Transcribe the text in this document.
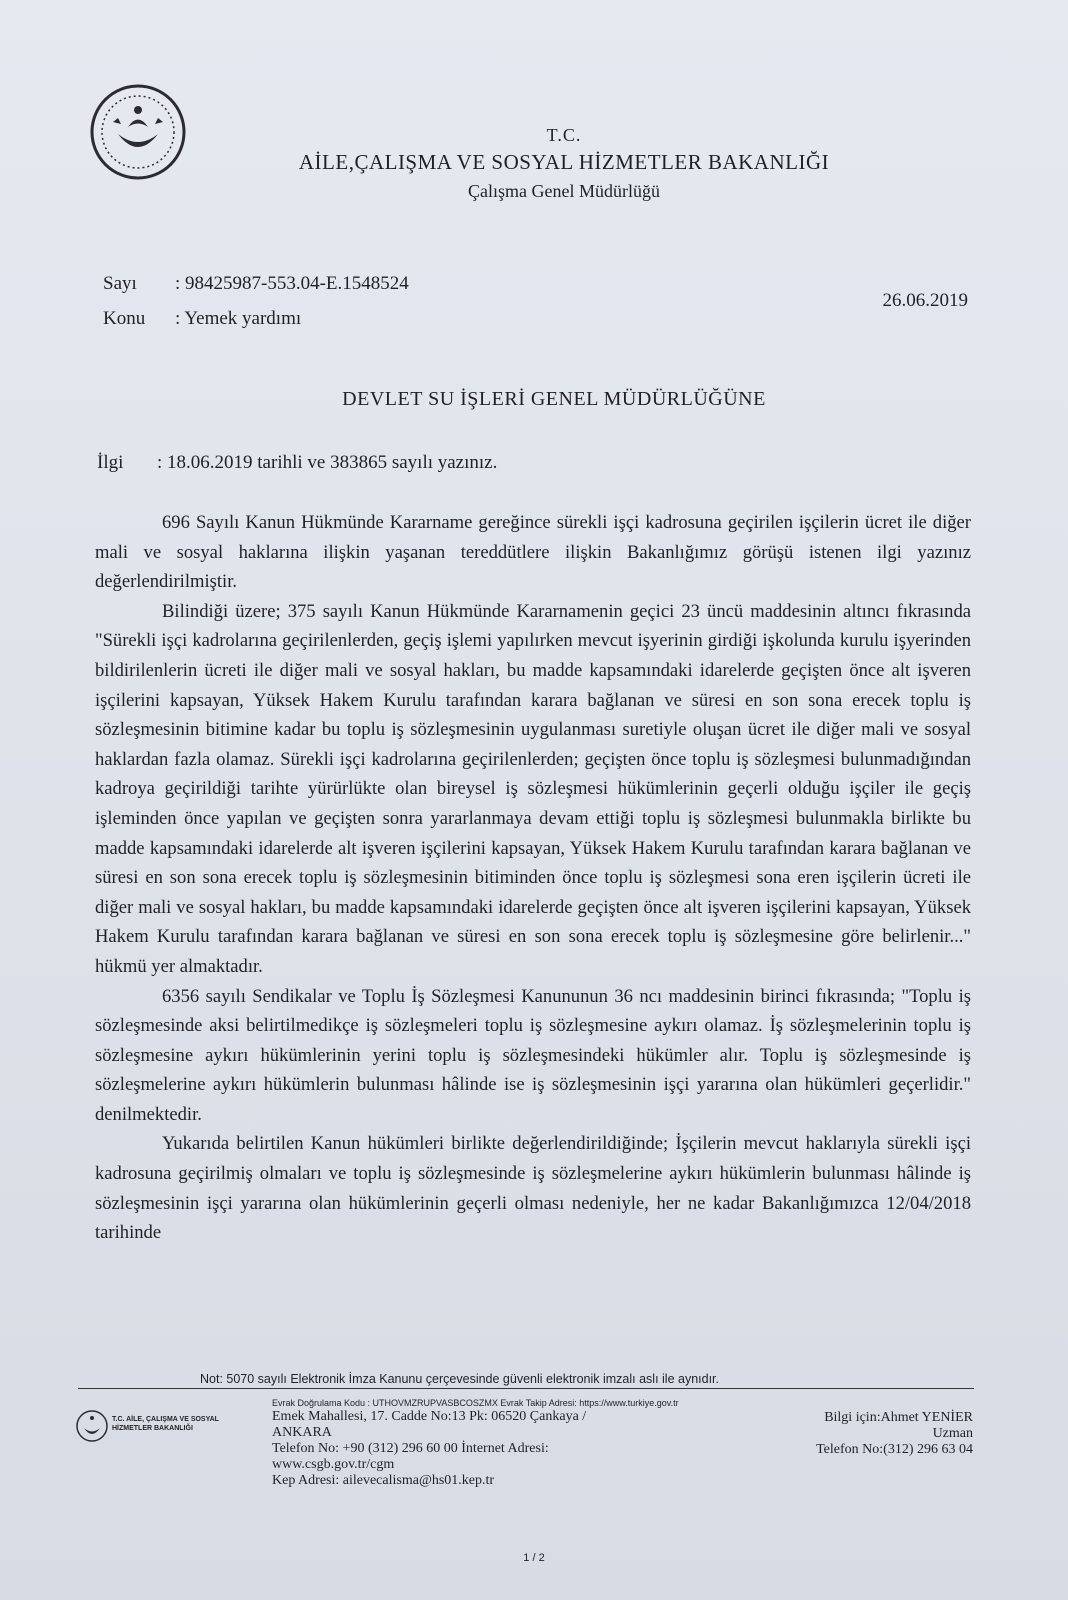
T.C.
AİLE,ÇALIŞMA VE SOSYAL HİZMETLER BAKANLIĞI
Çalışma Genel Müdürlüğü
Sayı : 98425987-553.04-E.1548524
Konu : Yemek yardımı
26.06.2019
DEVLET SU İŞLERİ GENEL MÜDÜRLÜĞÜNE
İlgi : 18.06.2019 tarihli ve 383865 sayılı yazınız.

696 Sayılı Kanun Hükmünde Kararname gereğince sürekli işçi kadrosuna geçirilen işçilerin ücret ile diğer mali ve sosyal haklarına ilişkin yaşanan tereddütlere ilişkin Bakanlığımız görüşü istenen ilgi yazınız değerlendirilmiştir.

Bilindiği üzere; 375 sayılı Kanun Hükmünde Kararnamenin geçici 23 üncü maddesinin altıncı fıkrasında "Sürekli işçi kadrolarına geçirilenlerden, geçiş işlemi yapılırken mevcut işyerinin girdiği işkolunda kurulu işyerinden bildirilenlerin ücreti ile diğer mali ve sosyal hakları, bu madde kapsamındaki idarelerde geçişten önce alt işveren işçilerini kapsayan, Yüksek Hakem Kurulu tarafından karara bağlanan ve süresi en son sona erecek toplu iş sözleşmesinin bitimine kadar bu toplu iş sözleşmesinin uygulanması suretiyle oluşan ücret ile diğer mali ve sosyal haklardan fazla olamaz. Sürekli işçi kadrolarına geçirilenlerden; geçişten önce toplu iş sözleşmesi bulunmadığından kadroya geçirildiği tarihte yürürlükte olan bireysel iş sözleşmesi hükümlerinin geçerli olduğu işçiler ile geçiş işleminden önce yapılan ve geçişten sonra yararlanmaya devam ettiği toplu iş sözleşmesi bulunmakla birlikte bu madde kapsamındaki idarelerde alt işveren işçilerini kapsayan, Yüksek Hakem Kurulu tarafından karara bağlanan ve süresi en son sona erecek toplu iş sözleşmesinin bitiminden önce toplu iş sözleşmesi sona eren işçilerin ücreti ile diğer mali ve sosyal hakları, bu madde kapsamındaki idarelerde geçişten önce alt işveren işçilerini kapsayan, Yüksek Hakem Kurulu tarafından karara bağlanan ve süresi en son sona erecek toplu iş sözleşmesine göre belirlenir..." hükmü yer almaktadır.

6356 sayılı Sendikalar ve Toplu İş Sözleşmesi Kanununun 36 ncı maddesinin birinci fıkrasında; "Toplu iş sözleşmesinde aksi belirtilmedikçe iş sözleşmeleri toplu iş sözleşmesine aykırı olamaz. İş sözleşmelerinin toplu iş sözleşmesine aykırı hükümlerinin yerini toplu iş sözleşmesindeki hükümler alır. Toplu iş sözleşmesinde iş sözleşmelerine aykırı hükümlerin bulunması hâlinde ise iş sözleşmesinin işçi yararına olan hükümleri geçerlidir." denilmektedir.

Yukarıda belirtilen Kanun hükümleri birlikte değerlendirildiğinde; İşçilerin mevcut haklarıyla sürekli işçi kadrosuna geçirilmiş olmaları ve toplu iş sözleşmesinde iş sözleşmelerine aykırı hükümlerin bulunması hâlinde iş sözleşmesinin işçi yararına olan hükümlerinin geçerli olması nedeniyle, her ne kadar Bakanlığımızca 12/04/2018 tarihinde

Not: 5070 sayılı Elektronik İmza Kanunu çerçevesinde güvenli elektronik imzalı aslı ile aynıdır.
T.C. AİLE, ÇALIŞMA VE SOSYAL HİZMETLER BAKANLIĞI
Evrak Doğrulama Kodu : UTHOVMZRUPVASBCOSZMX Evrak Takip Adresi: https://www.turkiye.gov.tr
Emek Mahallesi, 17. Cadde No:13 Pk: 06520 Çankaya /
ANKARA
Telefon No: +90 (312) 296 60 00 İnternet Adresi:
www.csgb.gov.tr/cgm
Kep Adresi: ailevecalisma@hs01.kep.tr
Bilgi için:Ahmet YENİER
Uzman
Telefon No:(312) 296 63 04
1 / 2
